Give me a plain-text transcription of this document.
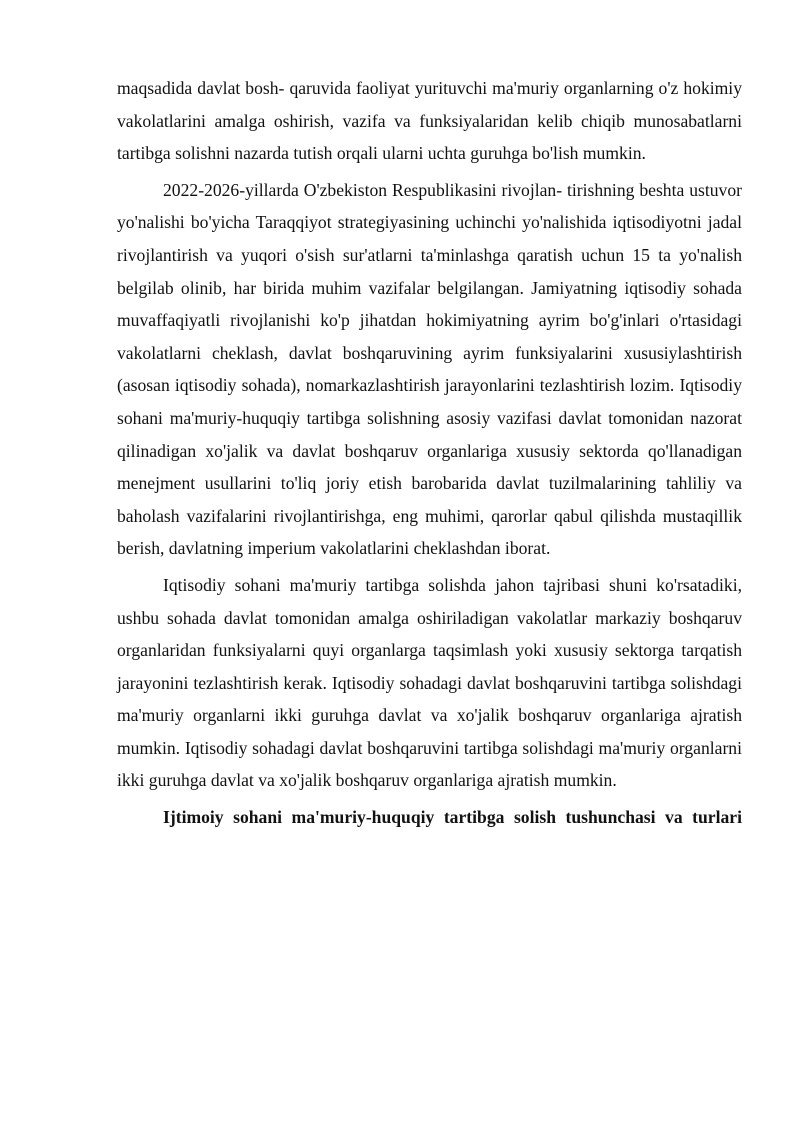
maqsadida davlat bosh- qaruvida faoliyat yurituvchi ma'muriy organlarning o'z hokimiy vakolatlarini amalga oshirish, vazifa va funksiyalaridan kelib chiqib munosabatlarni tartibga solishni nazarda tutish orqali ularni uchta guruhga bo'lish mumkin.

2022-2026-yillarda O'zbekiston Respublikasini rivojlan- tirishning beshta ustuvor yo'nalishi bo'yicha Taraqqiyot strategiyasining uchinchi yo'nalishida iqtisodiyotni jadal rivojlantirish va yuqori o'sish sur'atlarni ta'minlashga qaratish uchun 15 ta yo'nalish belgilab olinib, har birida muhim vazifalar belgilangan. Jamiyatning iqtisodiy sohada muvaffaqiyatli rivojlanishi ko'p jihatdan hokimiyatning ayrim bo'g'inlari o'rtasidagi vakolatlarni cheklash, davlat boshqaruvining ayrim funksiyalarini xususiylashtirish (asosan iqtisodiy sohada), nomarkazlashtirish jarayonlarini tezlashtirish lozim. Iqtisodiy sohani ma'muriy-huquqiy tartibga solishning asosiy vazifasi davlat tomonidan nazorat qilinadigan xo'jalik va davlat boshqaruv organlariga xususiy sektorda qo'llanadigan menejment usullarini to'liq joriy etish barobarida davlat tuzilmalarining tahliliy va baholash vazifalarini rivojlantirishga, eng muhimi, qarorlar qabul qilishda mustaqillik berish, davlatning imperium vakolatlarini cheklashdan iborat.

Iqtisodiy sohani ma'muriy tartibga solishda jahon tajribasi shuni ko'rsatadiki, ushbu sohada davlat tomonidan amalga oshiriladigan vakolatlar markaziy boshqaruv organlaridan funksiyalarni quyi organlarga taqsimlash yoki xususiy sektorga tarqatish jarayonini tezlashtirish kerak. Iqtisodiy sohadagi davlat boshqaruvini tartibga solishdagi ma'muriy organlarni ikki guruhga davlat va xo'jalik boshqaruv organlariga ajratish mumkin. Iqtisodiy sohadagi davlat boshqaruvini tartibga solishdagi ma'muriy organlarni ikki guruhga davlat va xo'jalik boshqaruv organlariga ajratish mumkin.

Ijtimoiy sohani ma'muriy-huquqiy tartibga solish tushunchasi va turlari
